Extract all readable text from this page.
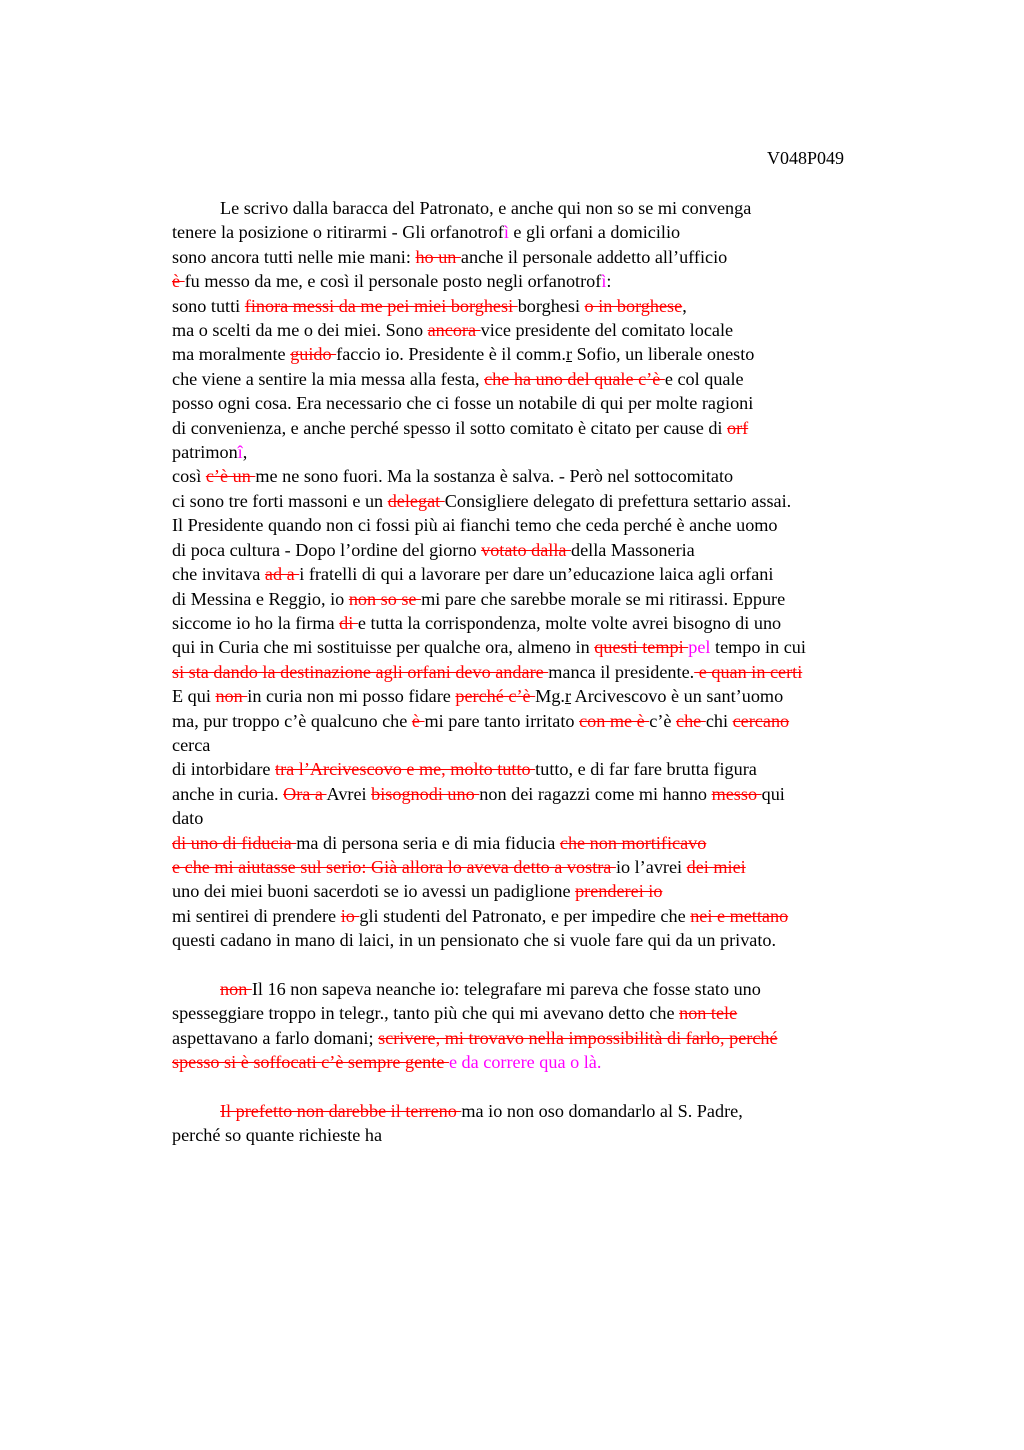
V048P049
Le scrivo dalla baracca del Patronato, e anche qui non so se mi convenga
tenere la posizione o ritirarmi - Gli orfanotrofì e gli orfani a domicilio
sono ancora tutti nelle mie mani: ho un anche il personale addetto all’ufficio
è fu messo da me, e così il personale posto negli orfanotrofì:
sono tutti finora messi da me pei miei borghesi borghesi o in borghese,
ma o scelti da me o dei miei. Sono ancora vice presidente del comitato locale
ma moralmente guido faccio io. Presidente è il comm.r Sofio, un liberale onesto
che viene a sentire la mia messa alla festa, che ha uno del quale c’è e col quale
posso ogni cosa. Era necessario che ci fosse un notabile di qui per molte ragioni
di convenienza, e anche perché spesso il sotto comitato è citato per cause di orf
patrimonî,
così c’è un me ne sono fuori. Ma la sostanza è salva. - Però nel sottocomitato
ci sono tre forti massoni e un delegat Consigliere delegato di prefettura settario assai.
Il Presidente quando non ci fossi più ai fianchi temo che ceda perché è anche uomo
di poca cultura - Dopo l’ordine del giorno votato dalla della Massoneria
che invitava ad a i fratelli di qui a lavorare per dare un’educazione laica agli orfani
di Messina e Reggio, io non so se mi pare che sarebbe morale se mi ritirassi. Eppure
siccome io ho la firma di e tutta la corrispondenza, molte volte avrei bisogno di uno
qui in Curia che mi sostituisse per qualche ora, almeno in questi tempi pel tempo in cui
si sta dando la destinazione agli orfani devo andare manca il presidente. e quan in certi
E qui non in curia non mi posso fidare perché c’è Mg.r Arcivescovo è un sant’uomo
ma, pur troppo c’è qualcuno che è mi pare tanto irritato con me è c’è che chi cercano
cerca
di intorbidare tra l’Arcivescovo e me, molto tutto tutto, e di far fare brutta figura
anche in curia. Ora a Avrei bisognodi uno non dei ragazzi come mi hanno messo qui
dato
di uno di fiducia ma di persona seria e di mia fiducia che non mortificavo
e che mi aiutasse sul serio: Già allora lo aveva detto a vostra io l’avrei dei miei
uno dei miei buoni sacerdoti se io avessi un padiglione prenderei io
mi sentirei di prendere io gli studenti del Patronato, e per impedire che nei e mettano
questi cadano in mano di laici, in un pensionato che si vuole fare qui da un privato.
non Il 16 non sapeva neanche io: telegrafare mi pareva che fosse stato uno
spesseggiare troppo in telegr., tanto più che qui mi avevano detto che non tele
aspettavano a farlo domani; scrivere, mi trovavo nella impossibilità di farlo, perché
spesso si è soffocati c’è sempre gente e da correre qua o là.
Il prefetto non darebbe il terreno ma io non oso domandarlo al S. Padre,
perché so quante richieste ha
